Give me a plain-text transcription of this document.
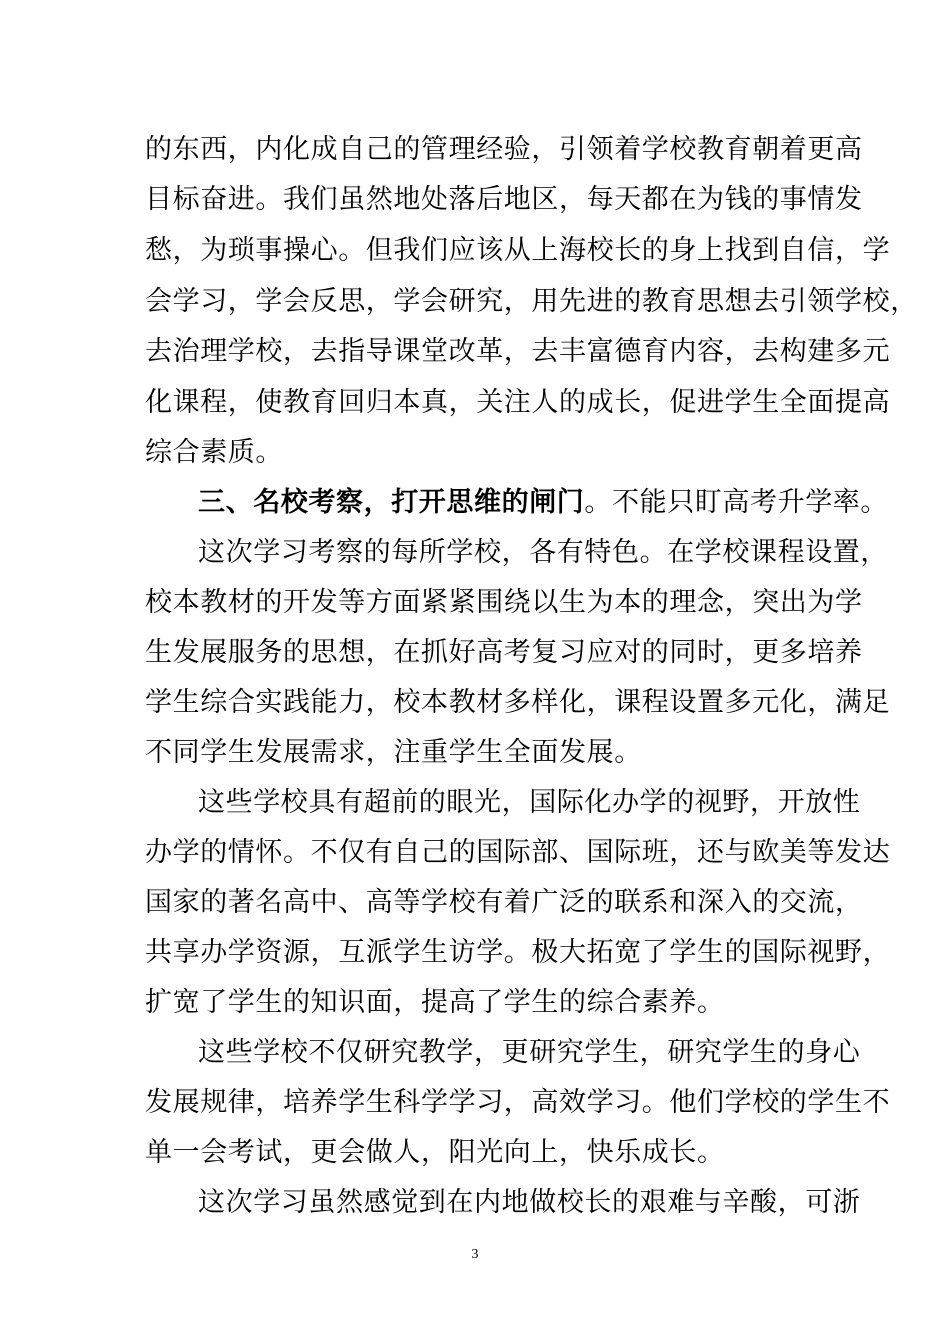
的东西，内化成自己的管理经验，引领着学校教育朝着更高
目标奋进。我们虽然地处落后地区，每天都在为钱的事情发
愁，为琐事操心。但我们应该从上海校长的身上找到自信，学
会学习，学会反思，学会研究，用先进的教育思想去引领学校，
去治理学校，去指导课堂改革，去丰富德育内容，去构建多元
化课程，使教育回归本真，关注人的成长，促进学生全面提高
综合素质。
三、名校考察，打开思维的闸门。不能只盯高考升学率。
这次学习考察的每所学校，各有特色。在学校课程设置，
校本教材的开发等方面紧紧围绕以生为本的理念，突出为学
生发展服务的思想，在抓好高考复习应对的同时，更多培养
学生综合实践能力，校本教材多样化，课程设置多元化，满足
不同学生发展需求，注重学生全面发展。
这些学校具有超前的眼光，国际化办学的视野，开放性
办学的情怀。不仅有自己的国际部、国际班，还与欧美等发达
国家的著名高中、高等学校有着广泛的联系和深入的交流，
共享办学资源，互派学生访学。极大拓宽了学生的国际视野，
扩宽了学生的知识面，提高了学生的综合素养。
这些学校不仅研究教学，更研究学生，研究学生的身心
发展规律，培养学生科学学习，高效学习。他们学校的学生不
单一会考试，更会做人，阳光向上，快乐成长。
这次学习虽然感觉到在内地做校长的艰难与辛酸，可浙
3
